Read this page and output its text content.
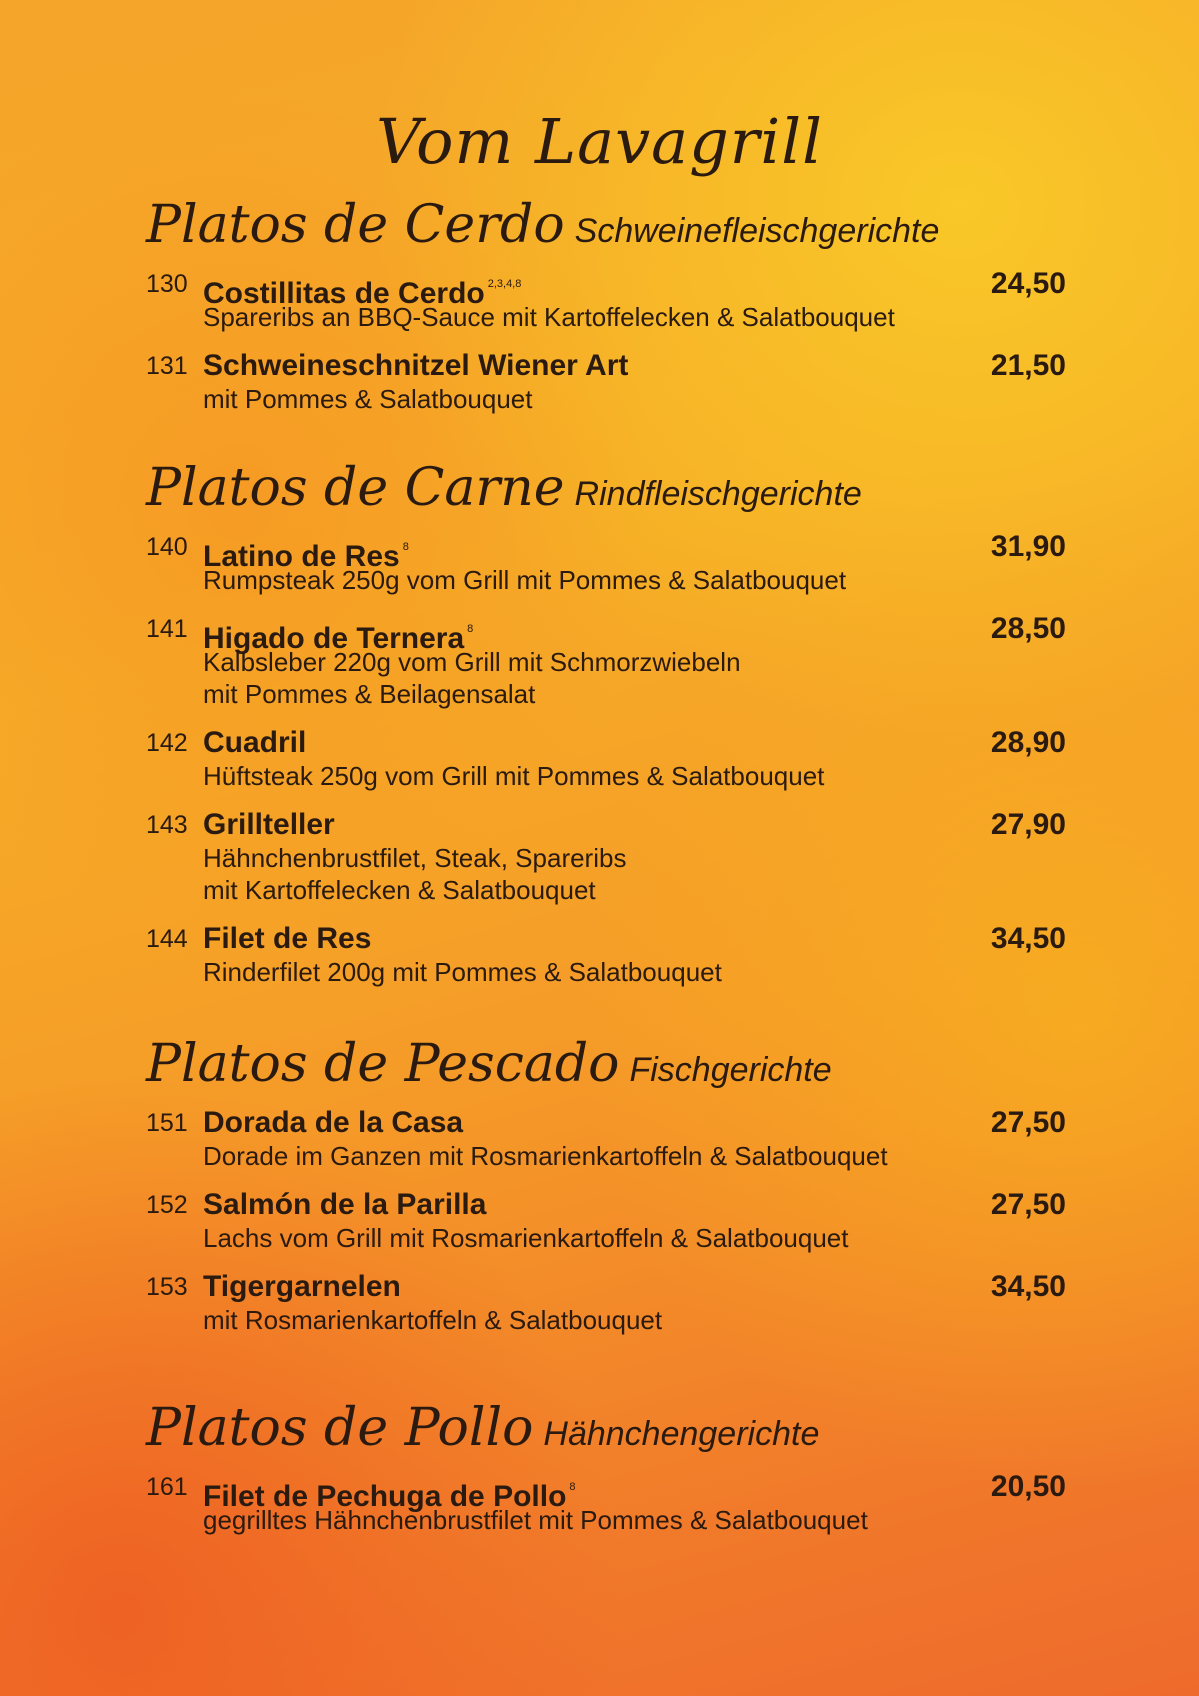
Vom Lavagrill
Platos de Cerdo Schweinefleischgerichte
130 Costillitas de Cerdo $^{2,3,4,8}$	24,50
Spareribs an BBQ-Sauce mit Kartoffelecken & Salatbouquet
131 Schweineschnitzel Wiener Art	21,50
mit Pommes & Salatbouquet
Platos de Carne Rindfleischgerichte
140 Latino de Res $^8$	31,90
Rumpsteak 250g vom Grill mit Pommes & Salatbouquet
141 Higado de Ternera $^8$	28,50
Kalbsleber 220g vom Grill mit Schmorzwiebeln
mit Pommes & Beilagensalat
142 Cuadril	28,90
Hüftsteak 250g vom Grill mit Pommes & Salatbouquet
143 Grillteller	27,90
Hähnchenbrustfilet, Steak, Spareribs
mit Kartoffelecken & Salatbouquet
144 Filet de Res	34,50
Rinderfilet 200g mit Pommes & Salatbouquet
Platos de Pescado Fischgerichte
151 Dorada de la Casa	27,50
Dorade im Ganzen mit Rosmarienkartoffeln & Salatbouquet
152 Salmón de la Parilla	27,50
Lachs vom Grill mit Rosmarienkartoffeln & Salatbouquet
153 Tigergarnelen	34,50
mit Rosmarienkartoffeln & Salatbouquet
Platos de Pollo Hähnchengerichte
161 Filet de Pechuga de Pollo $^8$	20,50
gegrilltes Hähnchenbrustfilet mit Pommes & Salatbouquet
